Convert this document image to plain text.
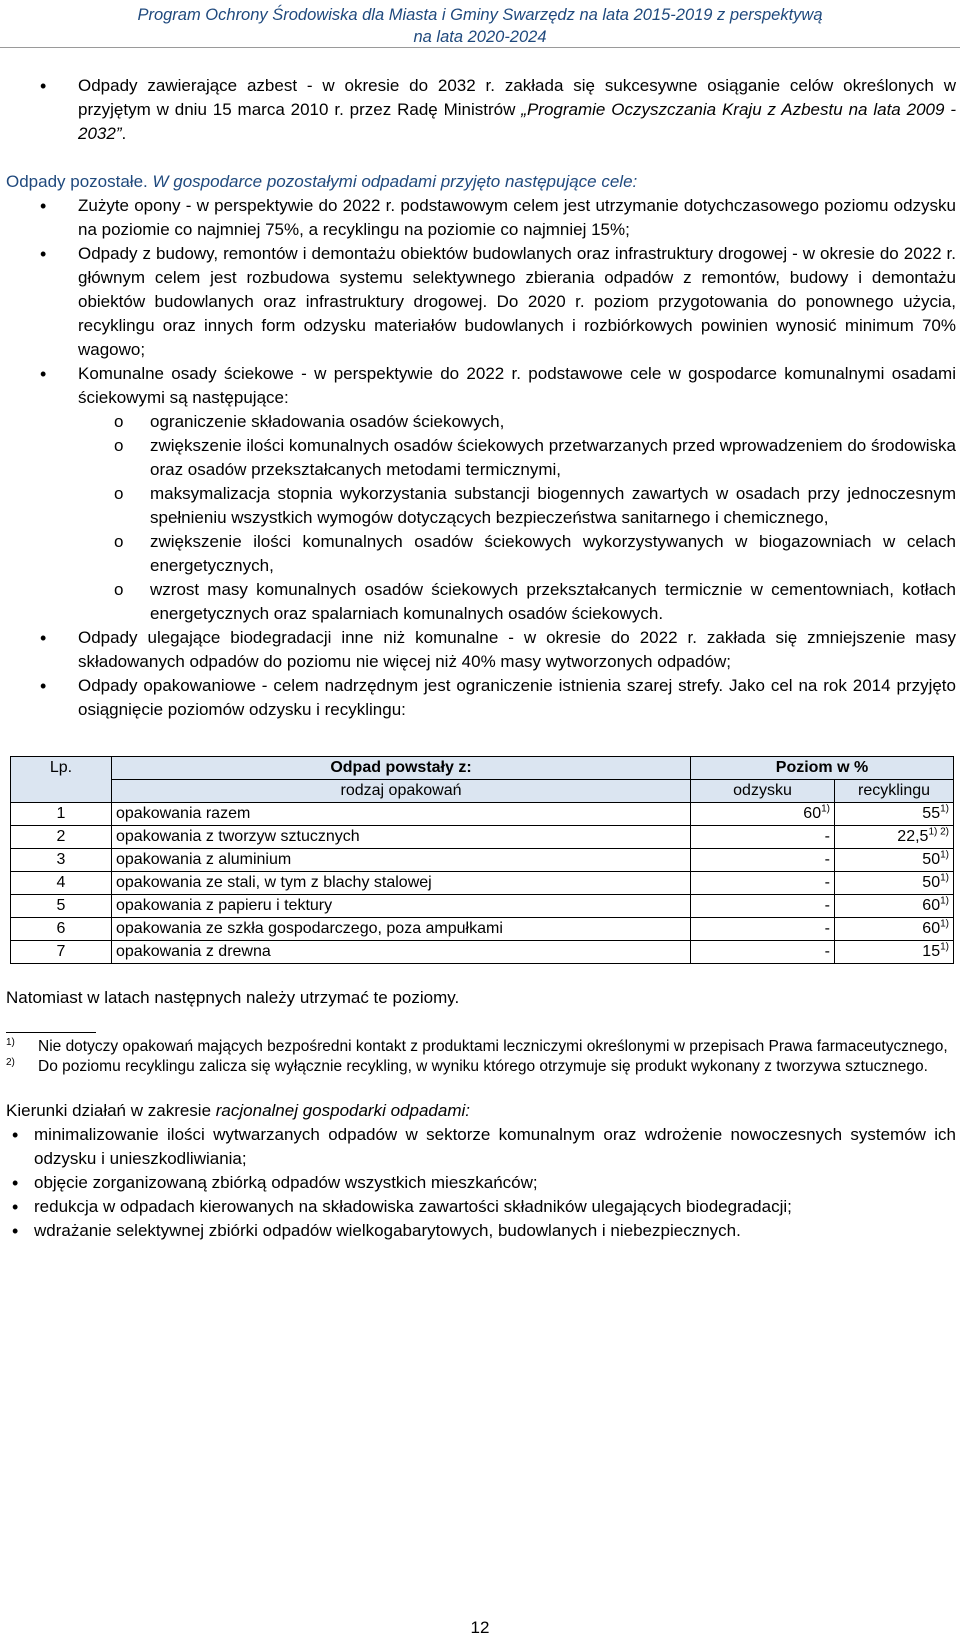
Program Ochrony Środowiska dla Miasta i Gminy Swarzędz na lata 2015-2019 z perspektywą
na lata 2020-2024
• Odpady zawierające azbest - w okresie do 2032 r. zakłada się sukcesywne osiąganie celów określonych w przyjętym w dniu 15 marca 2010 r. przez Radę Ministrów „Programie Oczyszczania Kraju z Azbestu na lata 2009 - 2032”.
Odpady pozostałe. W gospodarce pozostałymi odpadami przyjęto następujące cele:
• Zużyte opony - w perspektywie do 2022 r. podstawowym celem jest utrzymanie dotychczasowego poziomu odzysku na poziomie co najmniej 75%, a recyklingu na poziomie co najmniej 15%;
• Odpady z budowy, remontów i demontażu obiektów budowlanych oraz infrastruktury drogowej - w okresie do 2022 r. głównym celem jest rozbudowa systemu selektywnego zbierania odpadów z remontów, budowy i demontażu obiektów budowlanych oraz infrastruktury drogowej. Do 2020 r. poziom przygotowania do ponownego użycia, recyklingu oraz innych form odzysku materiałów budowlanych i rozbiórkowych powinien wynosić minimum 70% wagowo;
• Komunalne osady ściekowe - w perspektywie do 2022 r. podstawowe cele w gospodarce komunalnymi osadami ściekowymi są następujące:
o ograniczenie składowania osadów ściekowych,
o zwiększenie ilości komunalnych osadów ściekowych przetwarzanych przed wprowadzeniem do środowiska oraz osadów przekształcanych metodami termicznymi,
o maksymalizacja stopnia wykorzystania substancji biogennych zawartych w osadach przy jednoczesnym spełnieniu wszystkich wymogów dotyczących bezpieczeństwa sanitarnego i chemicznego,
o zwiększenie ilości komunalnych osadów ściekowych wykorzystywanych w biogazowniach w celach energetycznych,
o wzrost masy komunalnych osadów ściekowych przekształcanych termicznie w cementowniach, kotłach energetycznych oraz spalarniach komunalnych osadów ściekowych.
• Odpady ulegające biodegradacji inne niż komunalne - w okresie do 2022 r. zakłada się zmniejszenie masy składowanych odpadów do poziomu nie więcej niż 40% masy wytworzonych odpadów;
• Odpady opakowaniowe - celem nadrzędnym jest ograniczenie istnienia szarej strefy. Jako cel na rok 2014 przyjęto osiągnięcie poziomów odzysku i recyklingu:
Lp.	Odpad powstały z:	Poziom w %	
	rodzaj opakowań	odzysku	recyklingu
1	opakowania razem	60$^{1)}$	55$^{1)}$
2	opakowania z tworzyw sztucznych	-	$22,5^{1) 2)}$
3	opakowania z aluminium	-	50$^{1)}$
4	opakowania ze stali, w tym z blachy stalowej	-	50$^{1)}$
5	opakowania z papieru i tektury	-	60$^{1)}$
6	opakowania ze szkła gospodarczego, poza ampułkami	-	60$^{1)}$
7	opakowania z drewna	-	15$^{1)}$
Natomiast w latach następnych należy utrzymać te poziomy.
1) Nie dotyczy opakowań mających bezpośredni kontakt z produktami leczniczymi określonymi w przepisach Prawa farmaceutycznego,
2) Do poziomu recyklingu zalicza się wyłącznie recykling, w wyniku którego otrzymuje się produkt wykonany z tworzywa sztucznego.
Kierunki działań w zakresie racjonalnej gospodarki odpadami:
• minimalizowanie ilości wytwarzanych odpadów w sektorze komunalnym oraz wdrożenie nowoczesnych systemów ich odzysku i unieszkodliwiania;
• objęcie zorganizowaną zbiórką odpadów wszystkich mieszkańców;
• redukcja w odpadach kierowanych na składowiska zawartości składników ulegających biodegradacji;
• wdrażanie selektywnej zbiórki odpadów wielkogabarytowych, budowlanych i niebezpiecznych.
12
